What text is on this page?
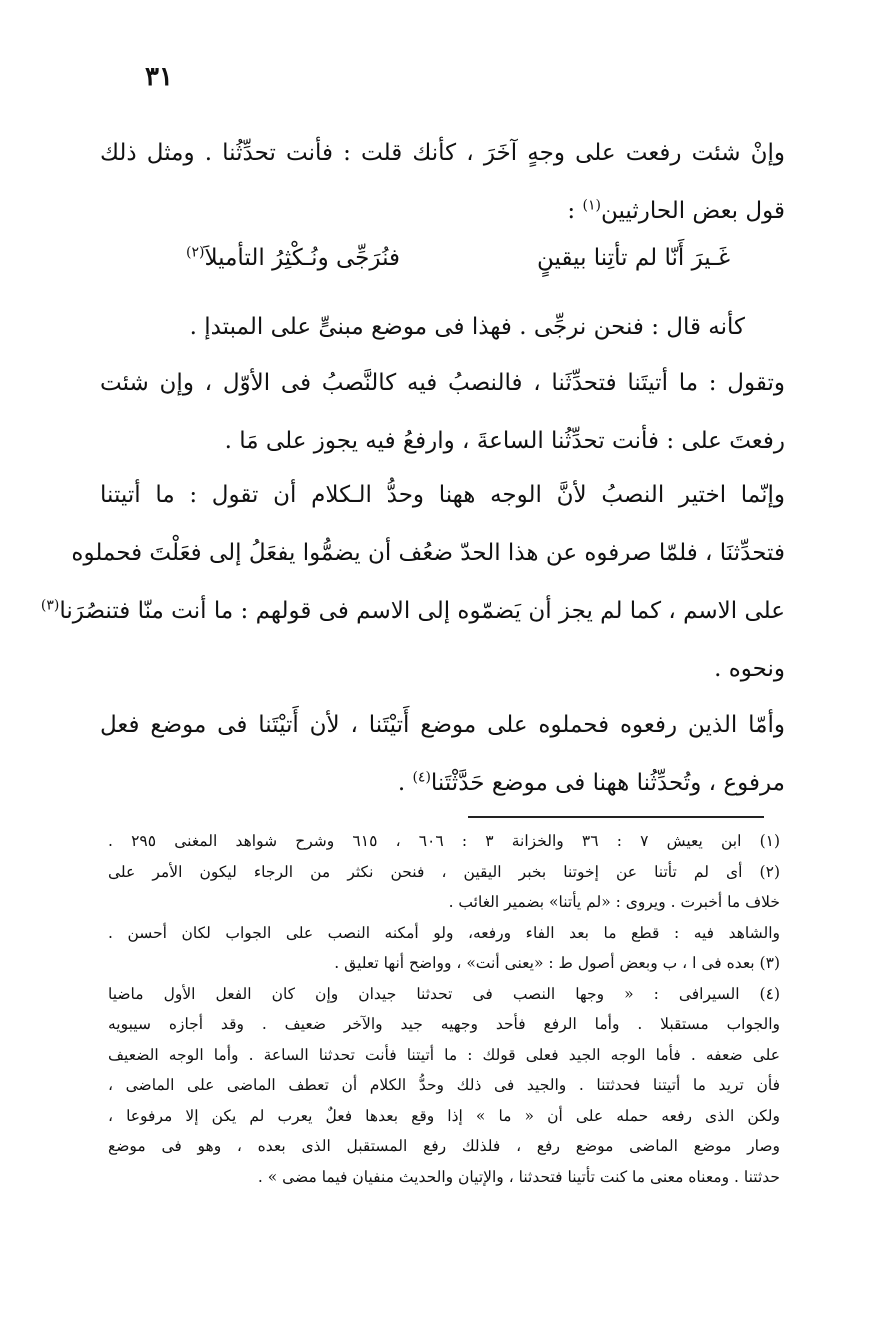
٣١
وإنْ شئت رفعت على وجهٍ آخَرَ ، كأنك قلت : فأنت تحدِّثُنا . ومثل ذلك
قول بعض الحارثيين$^{(١)}$ :
غَـيرَ أَنّا لم تأتِنا بيقينٍ
فنُرَجِّى ونُـكْثِرُ التأميلاَ$^{(٢)}$
كأنه قال : فنحن نرجِّى . فهذا فى موضع مبنىٍّ على المبتدإ .
وتقول : ما أتيتَنا فتحدِّثَنا ، فالنصبُ فيه كالنَّصبُ فى الأوّل ، وإن شئت
رفعتَ على : فأنت تحدِّثُنا الساعةَ ، وارفعُ فيه يجوز على مَا .
وإنّما اختير النصبُ لأنَّ الوجه ههنا وحدُّ الـكلام أن تقول : ما أتيتنا
فتحدِّثنَا ، فلمّا صرفوه عن هذا الحدّ ضعُف أن يضمُّوا يفعَلُ إلى فعَلْتَ فحملوه
على الاسم ، كما لم يجز أن يَضمّوه إلى الاسم فى قولهم : ما أنت منّا فتنصُرَنا$^{(٣)}$
ونحوه .
وأمّا الذين رفعوه فحملوه على موضع أَتيْتَنا ، لأن أَتيْتَنا فى موضع فعل
مرفوع ، وتُحدِّثُنا ههنا فى موضع حَدَّثْتَنا$^{(٤)}$ .
(١) ابن يعيش ٧ : ٣٦ والخزانة ٣ : ٦٠٦ ، ٦١٥ وشرح شواهد المغنى ٢٩٥ .
(٢) أى لم تأتنا عن إخوتنا بخبر اليقين ، فنحن نكثر من الرجاء ليكون الأمر على
خلاف ما أخبرت . ويروى : «لم يأتنا» بضمير الغائب .
والشاهد فيه : قطع ما بعد الفاء ورفعه، ولو أمكنه النصب على الجواب لكان أحسن .
(٣) بعده فى ا ، ب وبعض أصول ط : «يعنى أنت» ، وواضح أنها تعليق .
(٤) السيرافى : « وجها النصب فى تحدثنا جيدان وإن كان الفعل الأول ماضيا
والجواب مستقبلا . وأما الرفع فأحد وجهيه جيد والآخر ضعيف . وقد أجازه سيبويه
على ضعفه . فأما الوجه الجيد فعلى قولك : ما أتيتنا فأنت تحدثنا الساعة . وأما الوجه الضعيف
فأن تريد ما أتيتنا فحدثتنا . والجيد فى ذلك وحدُّ الكلام أن تعطف الماضى على الماضى ،
ولكن الذى رفعه حمله على أن « ما » إذا وقع بعدها فعلٌ يعرب لم يكن إلا مرفوعا ،
وصار موضع الماضى موضع رفع ، فلذلك رفع المستقبل الذى بعده ، وهو فى موضع
حدثتنا . ومعناه معنى ما كنت تأتينا فتحدثنا ، والإتيان والحديث منفيان فيما مضى » .
